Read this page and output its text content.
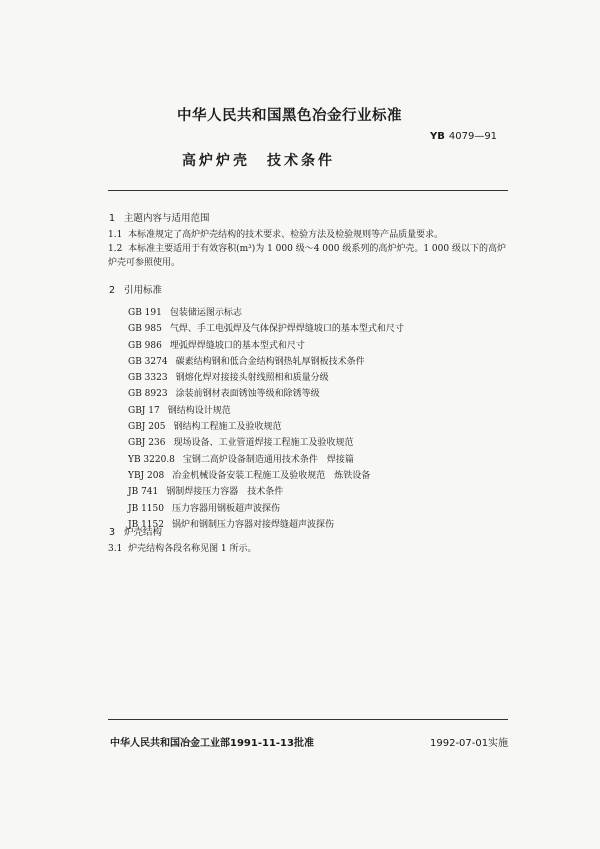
中华人民共和国黑色冶金行业标准
YB 4079—91
高炉炉壳　技术条件
1 主题内容与适用范围
1.1 本标准规定了高炉炉壳结构的技术要求、检验方法及检验规则等产品质量要求。
1.2 本标准主要适用于有效容积(m³)为 1 000 级～4 000 级系列的高炉炉壳。1 000 级以下的高炉炉壳可参照使用。
2 引用标准
GB 191 包装储运图示标志
GB 985 气焊、手工电弧焊及气体保护焊焊缝坡口的基本型式和尺寸
GB 986 埋弧焊焊缝坡口的基本型式和尺寸
GB 3274 碳素结构钢和低合金结构钢热轧厚钢板技术条件
GB 3323 钢熔化焊对接接头射线照相和质量分级
GB 8923 涂装前钢材表面锈蚀等级和除锈等级
GBJ 17 钢结构设计规范
GBJ 205 钢结构工程施工及验收规范
GBJ 236 现场设备、工业管道焊接工程施工及验收规范
YB 3220.8 宝钢二高炉设备制造通用技术条件　焊接篇
YBJ 208 冶金机械设备安装工程施工及验收规范　炼铁设备
JB 741 钢制焊接压力容器　技术条件
JB 1150 压力容器用钢板超声波探伤
JB 1152 锅炉和钢制压力容器对接焊缝超声波探伤
3 炉壳结构
3.1 炉壳结构各段名称见图 1 所示。
中华人民共和国冶金工业部1991-11-13批准	1992-07-01实施
